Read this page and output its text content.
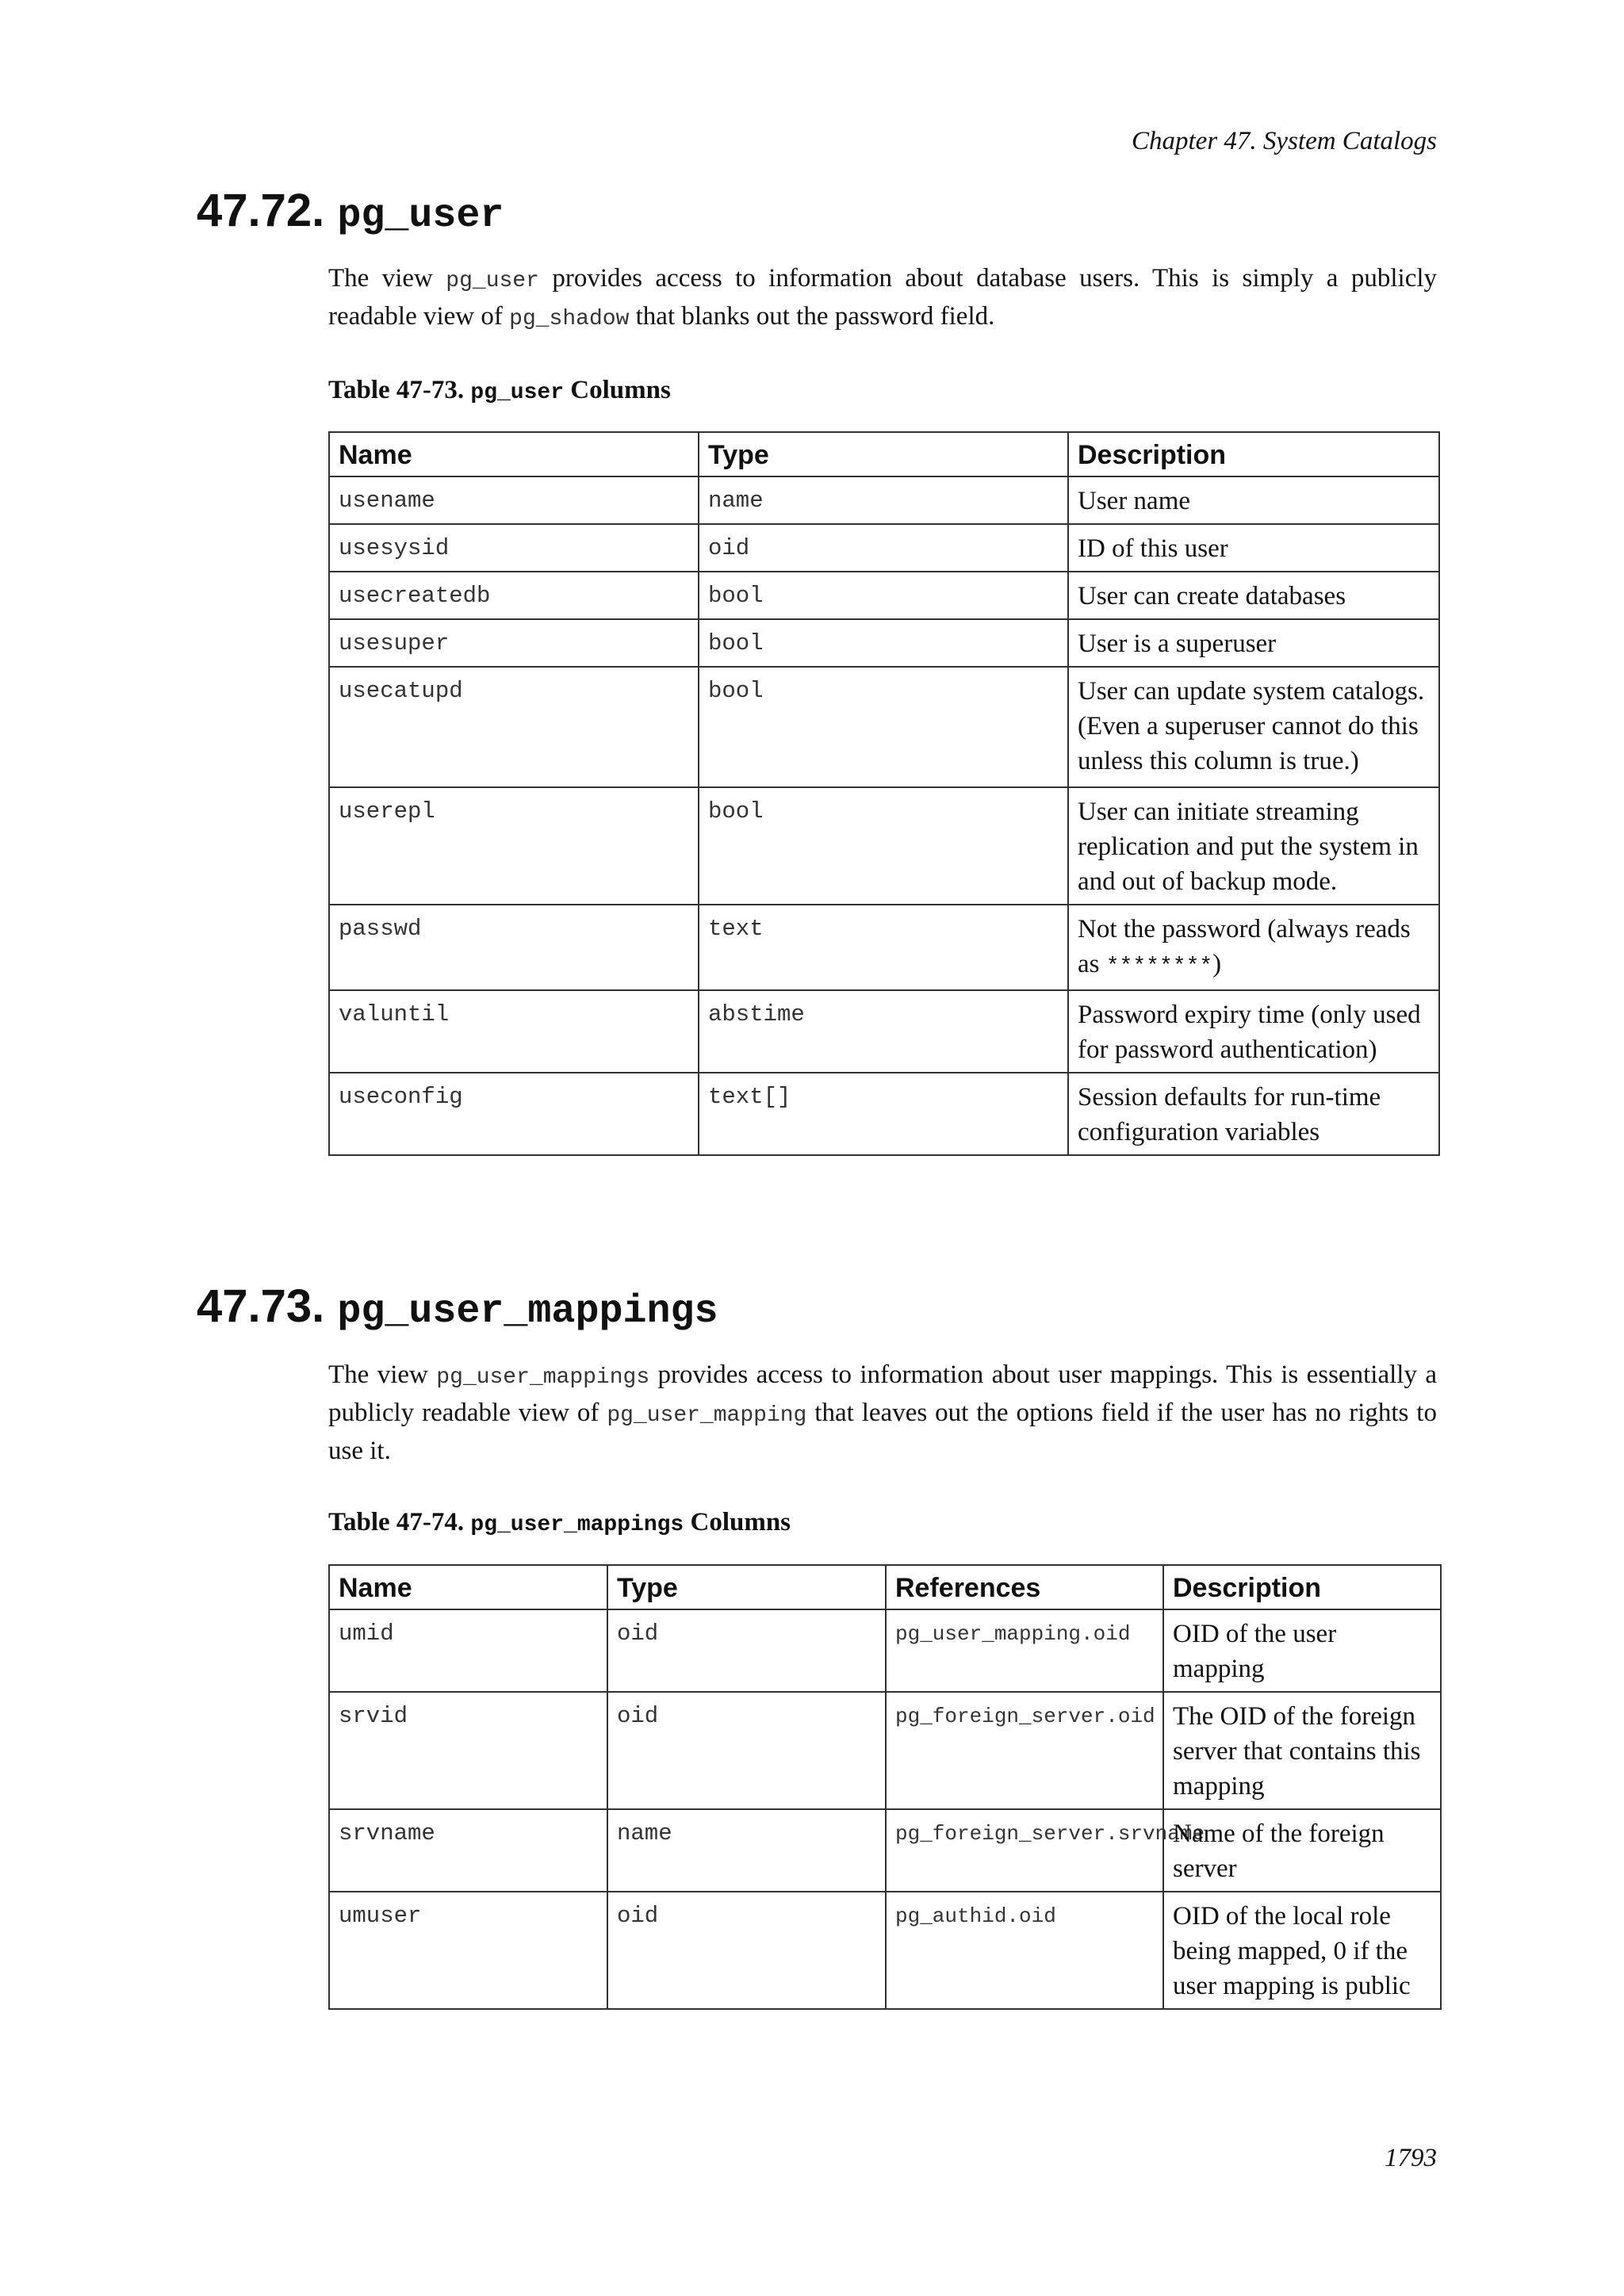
Chapter 47. System Catalogs
47.72. pg_user

The view pg_user provides access to information about database users. This is simply a publicly readable view of pg_shadow that blanks out the password field.

Table 47-73. pg_user Columns
Name	Type	Description
usename	name	User name
usesysid	oid	ID of this user
usecreatedb	bool	User can create databases
usesuper	bool	User is a superuser
usecatupd	bool	User can update system catalogs. (Even a superuser cannot do this unless this column is true.)
userepl	bool	User can initiate streaming replication and put the system in and out of backup mode.
passwd	text	Not the password (always reads as ********)
valuntil	abstime	Password expiry time (only used for password authentication)
useconfig	text[]	Session defaults for run-time configuration variables
47.73. pg_user_mappings

The view pg_user_mappings provides access to information about user mappings. This is essentially a publicly readable view of pg_user_mapping that leaves out the options field if the user has no rights to use it.

Table 47-74. pg_user_mappings Columns
Name	Type	References	Description
umid	oid	pg_user_mapping.oid	OID of the user mapping
srvid	oid	pg_foreign_server.oid	The OID of the foreign server that contains this mapping
srvname	name	pg_foreign_server.srvname	Name of the foreign server
umuser	oid	pg_authid.oid	OID of the local role being mapped, 0 if the user mapping is public
1793
